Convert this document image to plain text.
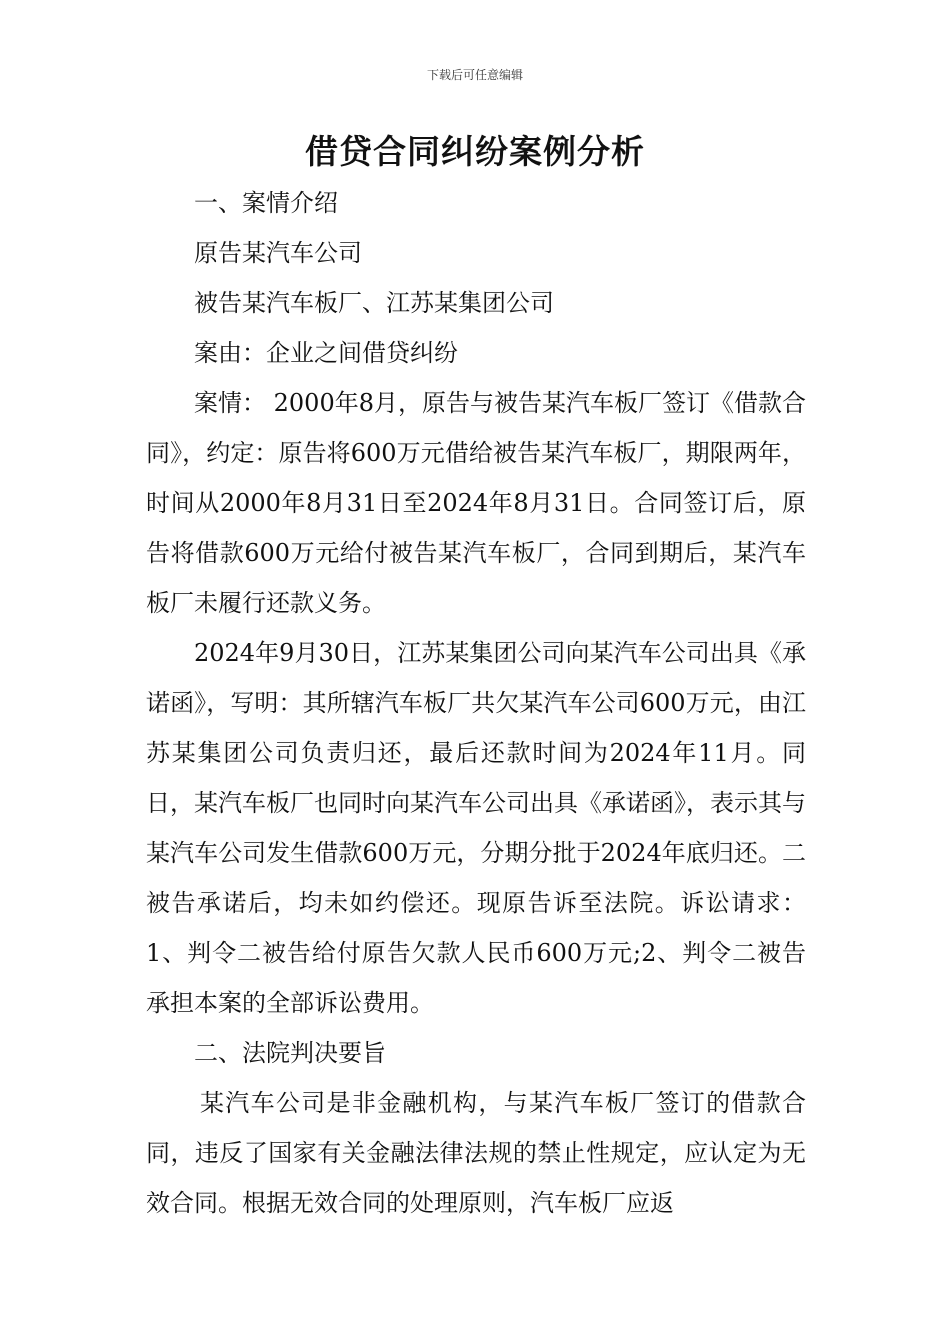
下载后可任意编辑
借贷合同纠纷案例分析

一、案情介绍

原告某汽车公司

被告某汽车板厂、江苏某集团公司

案由：企业之间借贷纠纷

案情： 2000年8月，原告与被告某汽车板厂签订《借款合同》，约定：原告将600万元借给被告某汽车板厂，期限两年，时间从2000年8月31日至2024年8月31日。合同签订后，原告将借款600万元给付被告某汽车板厂，合同到期后，某汽车板厂未履行还款义务。

2024年9月30日，江苏某集团公司向某汽车公司出具《承诺函》，写明：其所辖汽车板厂共欠某汽车公司600万元，由江苏某集团公司负责归还，最后还款时间为2024年11月。同日，某汽车板厂也同时向某汽车公司出具《承诺函》，表示其与某汽车公司发生借款600万元，分期分批于2024年底归还。二被告承诺后，均未如约偿还。现原告诉至法院。诉讼请求：1、判令二被告给付原告欠款人民币600万元;2、判令二被告承担本案的全部诉讼费用。

二、法院判决要旨

某汽车公司是非金融机构，与某汽车板厂签订的借款合同，违反了国家有关金融法律法规的禁止性规定，应认定为无效合同。根据无效合同的处理原则，汽车板厂应返
